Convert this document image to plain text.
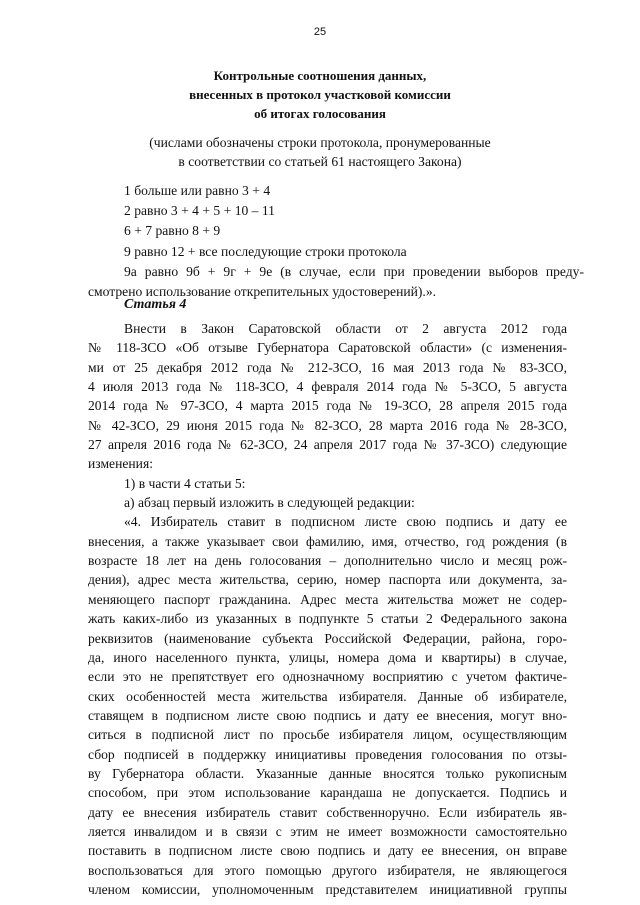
25
Контрольные соотношения данных,
внесенных в протокол участковой комиссии
об итогах голосования
(числами обозначены строки протокола, пронумерованные
в соответствии со статьей 61 настоящего Закона)
1 больше или равно 3 + 4
2 равно 3 + 4 + 5 + 10 – 11
6 + 7 равно 8 + 9
9 равно 12 + все последующие строки протокола
9а равно 9б + 9г + 9е (в случае, если при проведении выборов преду-
смотрено использование открепительных удостоверений).».
Статья 4
Внести в Закон Саратовской области от 2 августа 2012 года
№ 118-ЗСО «Об отзыве Губернатора Саратовской области» (с изменения-
ми от 25 декабря 2012 года № 212-ЗСО, 16 мая 2013 года № 83-ЗСО,
4 июля 2013 года № 118-ЗСО, 4 февраля 2014 года № 5-ЗСО, 5 августа
2014 года № 97-ЗСО, 4 марта 2015 года № 19-ЗСО, 28 апреля 2015 года
№ 42-ЗСО, 29 июня 2015 года № 82-ЗСО, 28 марта 2016 года № 28-ЗСО,
27 апреля 2016 года № 62-ЗСО, 24 апреля 2017 года № 37-ЗСО) следующие
изменения:
1) в части 4 статьи 5:
а) абзац первый изложить в следующей редакции:
«4. Избиратель ставит в подписном листе свою подпись и дату ее
внесения, а также указывает свои фамилию, имя, отчество, год рождения (в
возрасте 18 лет на день голосования – дополнительно число и месяц рож-
дения), адрес места жительства, серию, номер паспорта или документа, за-
меняющего паспорт гражданина. Адрес места жительства может не содер-
жать каких-либо из указанных в подпункте 5 статьи 2 Федерального закона
реквизитов (наименование субъекта Российской Федерации, района, горо-
да, иного населенного пункта, улицы, номера дома и квартиры) в случае,
если это не препятствует его однозначному восприятию с учетом фактиче-
ских особенностей места жительства избирателя. Данные об избирателе,
ставящем в подписном листе свою подпись и дату ее внесения, могут вно-
ситься в подписной лист по просьбе избирателя лицом, осуществляющим
сбор подписей в поддержку инициативы проведения голосования по отзы-
ву Губернатора области. Указанные данные вносятся только рукописным
способом, при этом использование карандаша не допускается. Подпись и
дату ее внесения избиратель ставит собственноручно. Если избиратель яв-
ляется инвалидом и в связи с этим не имеет возможности самостоятельно
поставить в подписном листе свою подпись и дату ее внесения, он вправе
воспользоваться для этого помощью другого избирателя, не являющегося
членом комиссии, уполномоченным представителем инициативной группы
